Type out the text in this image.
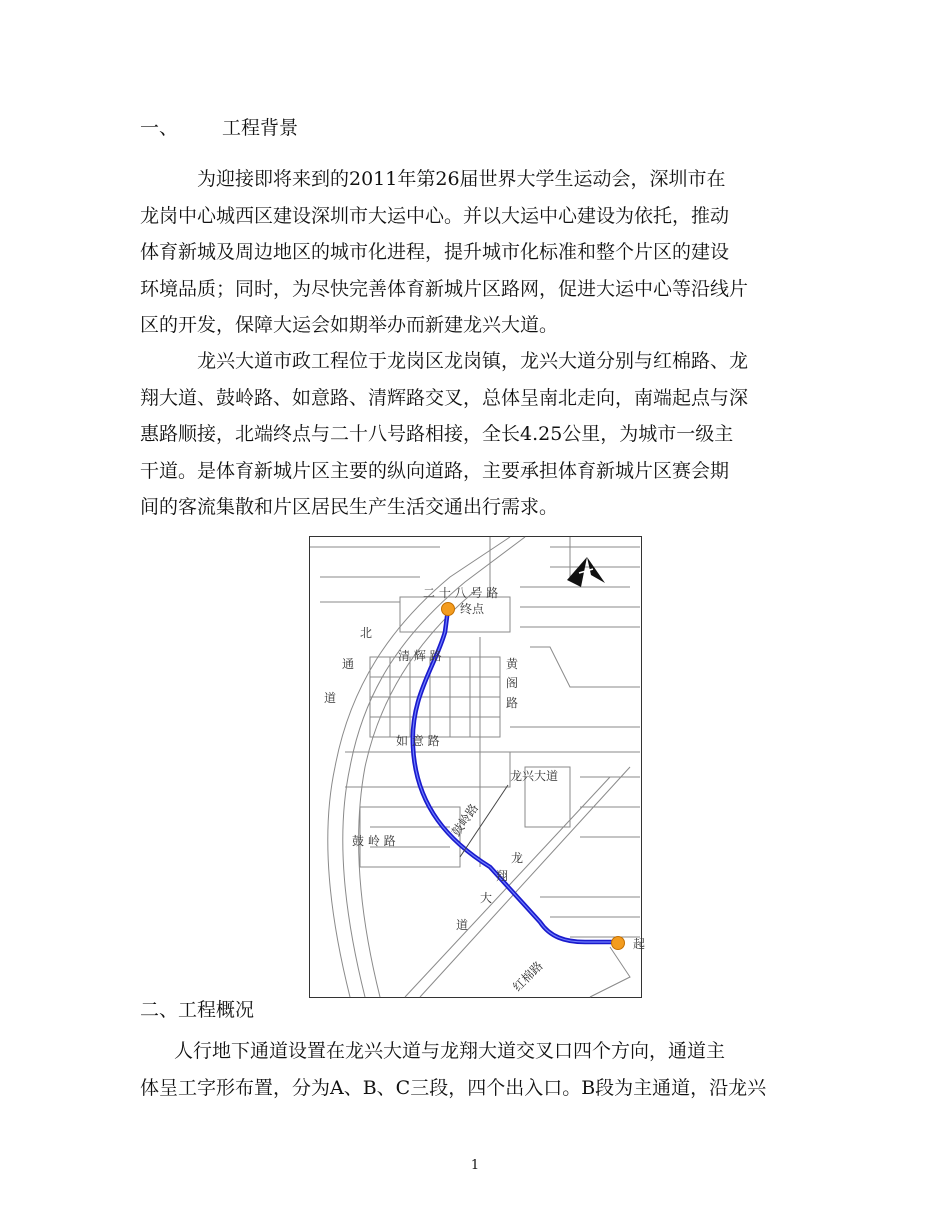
一、 工程背景
为迎接即将来到的2011年第26届世界大学生运动会，深圳市在
龙岗中心城西区建设深圳市大运中心。并以大运中心建设为依托，推动
体育新城及周边地区的城市化进程，提升城市化标准和整个片区的建设
环境品质；同时，为尽快完善体育新城片区路网，促进大运中心等沿线片
区的开发，保障大运会如期举办而新建龙兴大道。
龙兴大道市政工程位于龙岗区龙岗镇，龙兴大道分别与红棉路、龙
翔大道、鼓岭路、如意路、清辉路交叉，总体呈南北走向，南端起点与深
惠路顺接，北端终点与二十八号路相接，全长4.25公里，为城市一级主
干道。是体育新城片区主要的纵向道路，主要承担体育新城片区赛会期
间的客流集散和片区居民生产生活交通出行需求。
二 十 八 号 路
终点
起
北
通
道
清 辉 路
黄
阁
路
如 意 路
龙兴大道
鼓岭路
鼓 岭 路
龙
翔
大
道
红棉路
二、工程概况
人行地下通道设置在龙兴大道与龙翔大道交叉口四个方向，通道主
体呈工字形布置，分为A、B、C三段，四个出入口。B段为主通道，沿龙兴
1
